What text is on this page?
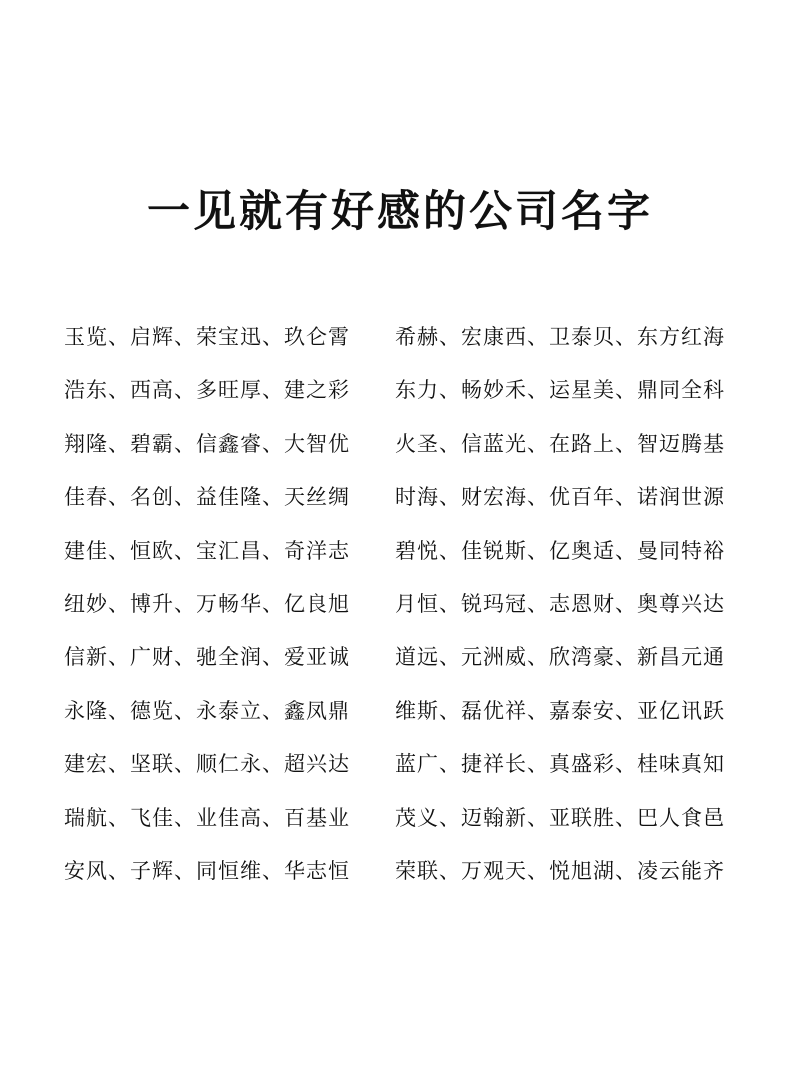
一见就有好感的公司名字
玉览、启辉、荣宝迅、玖仑霄 希赫、宏康西、卫泰贝、东方红海
浩东、西高、多旺厚、建之彩 东力、畅妙禾、运星美、鼎同全科
翔隆、碧霸、信鑫睿、大智优 火圣、信蓝光、在路上、智迈腾基
佳春、名创、益佳隆、天丝绸 时海、财宏海、优百年、诺润世源
建佳、恒欧、宝汇昌、奇洋志 碧悦、佳锐斯、亿奥适、曼同特裕
纽妙、博升、万畅华、亿良旭 月恒、锐玛冠、志恩财、奥尊兴达
信新、广财、驰全润、爱亚诚 道远、元洲威、欣湾豪、新昌元通
永隆、德览、永泰立、鑫凤鼎 维斯、磊优祥、嘉泰安、亚亿讯跃
建宏、坚联、顺仁永、超兴达 蓝广、捷祥长、真盛彩、桂味真知
瑞航、飞佳、业佳高、百基业 茂义、迈翰新、亚联胜、巴人食邑
安风、子辉、同恒维、华志恒 荣联、万观天、悦旭湖、凌云能齐
